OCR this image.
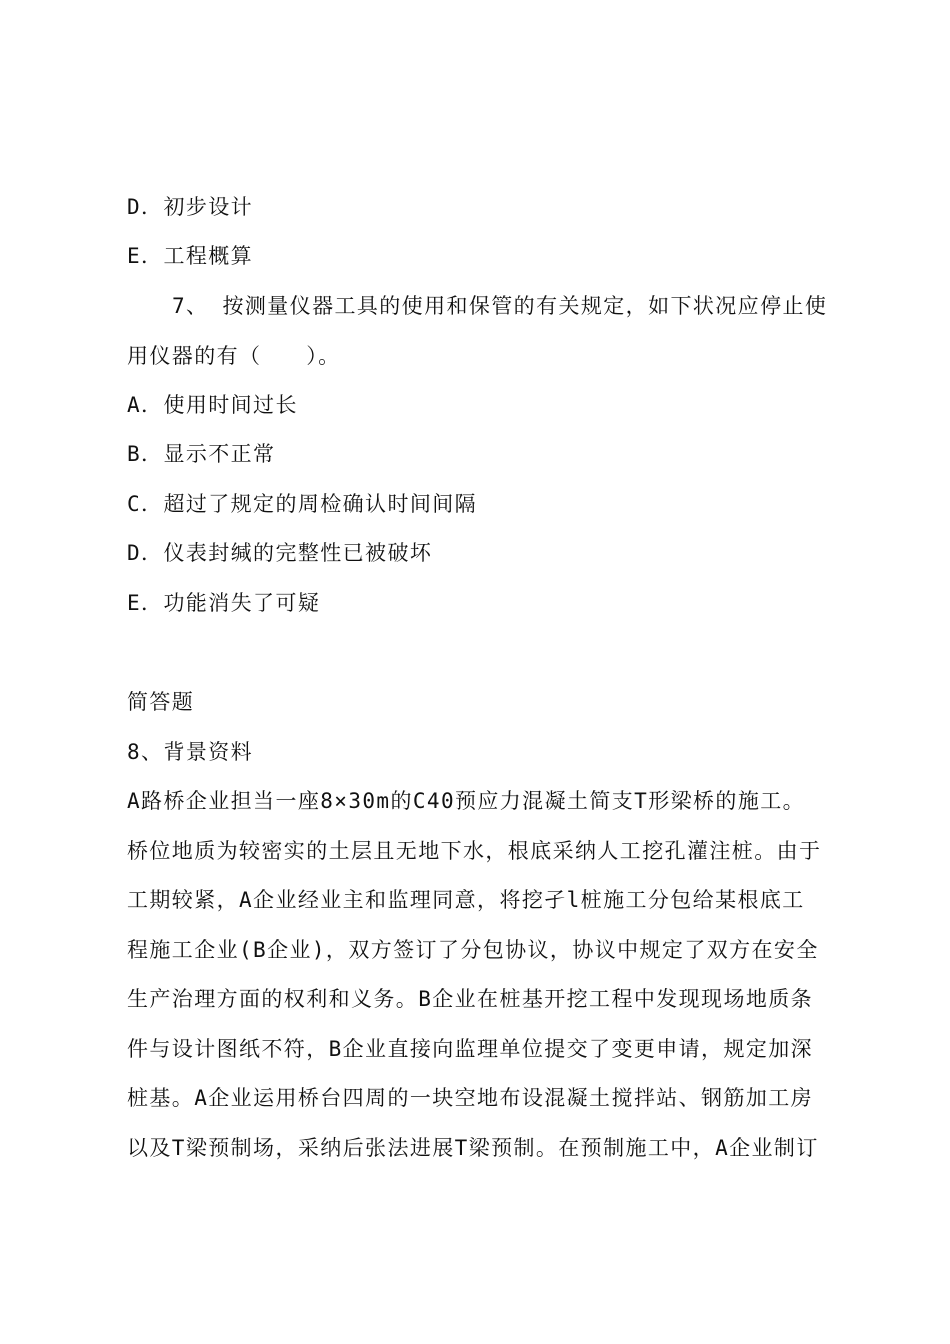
D．初步设计
E．工程概算
7、 按测量仪器工具的使用和保管的有关规定，如下状况应停止使
用仪器的有（　　）。
A．使用时间过长
B．显示不正常
C．超过了规定的周检确认时间间隔
D．仪表封缄的完整性已被破坏
E．功能消失了可疑
简答题
8、背景资料
A路桥企业担当一座8×30m的C40预应力混凝土简支T形梁桥的施工。
桥位地质为较密实的土层且无地下水，根底采纳人工挖孔灌注桩。由于
工期较紧，A企业经业主和监理同意，将挖孑l桩施工分包给某根底工
程施工企业(B企业)，双方签订了分包协议，协议中规定了双方在安全
生产治理方面的权利和义务。B企业在桩基开挖工程中发现现场地质条
件与设计图纸不符，B企业直接向监理单位提交了变更申请，规定加深
桩基。A企业运用桥台四周的一块空地布设混凝土搅拌站、钢筋加工房
以及T梁预制场，采纳后张法进展T梁预制。在预制施工中，A企业制订
